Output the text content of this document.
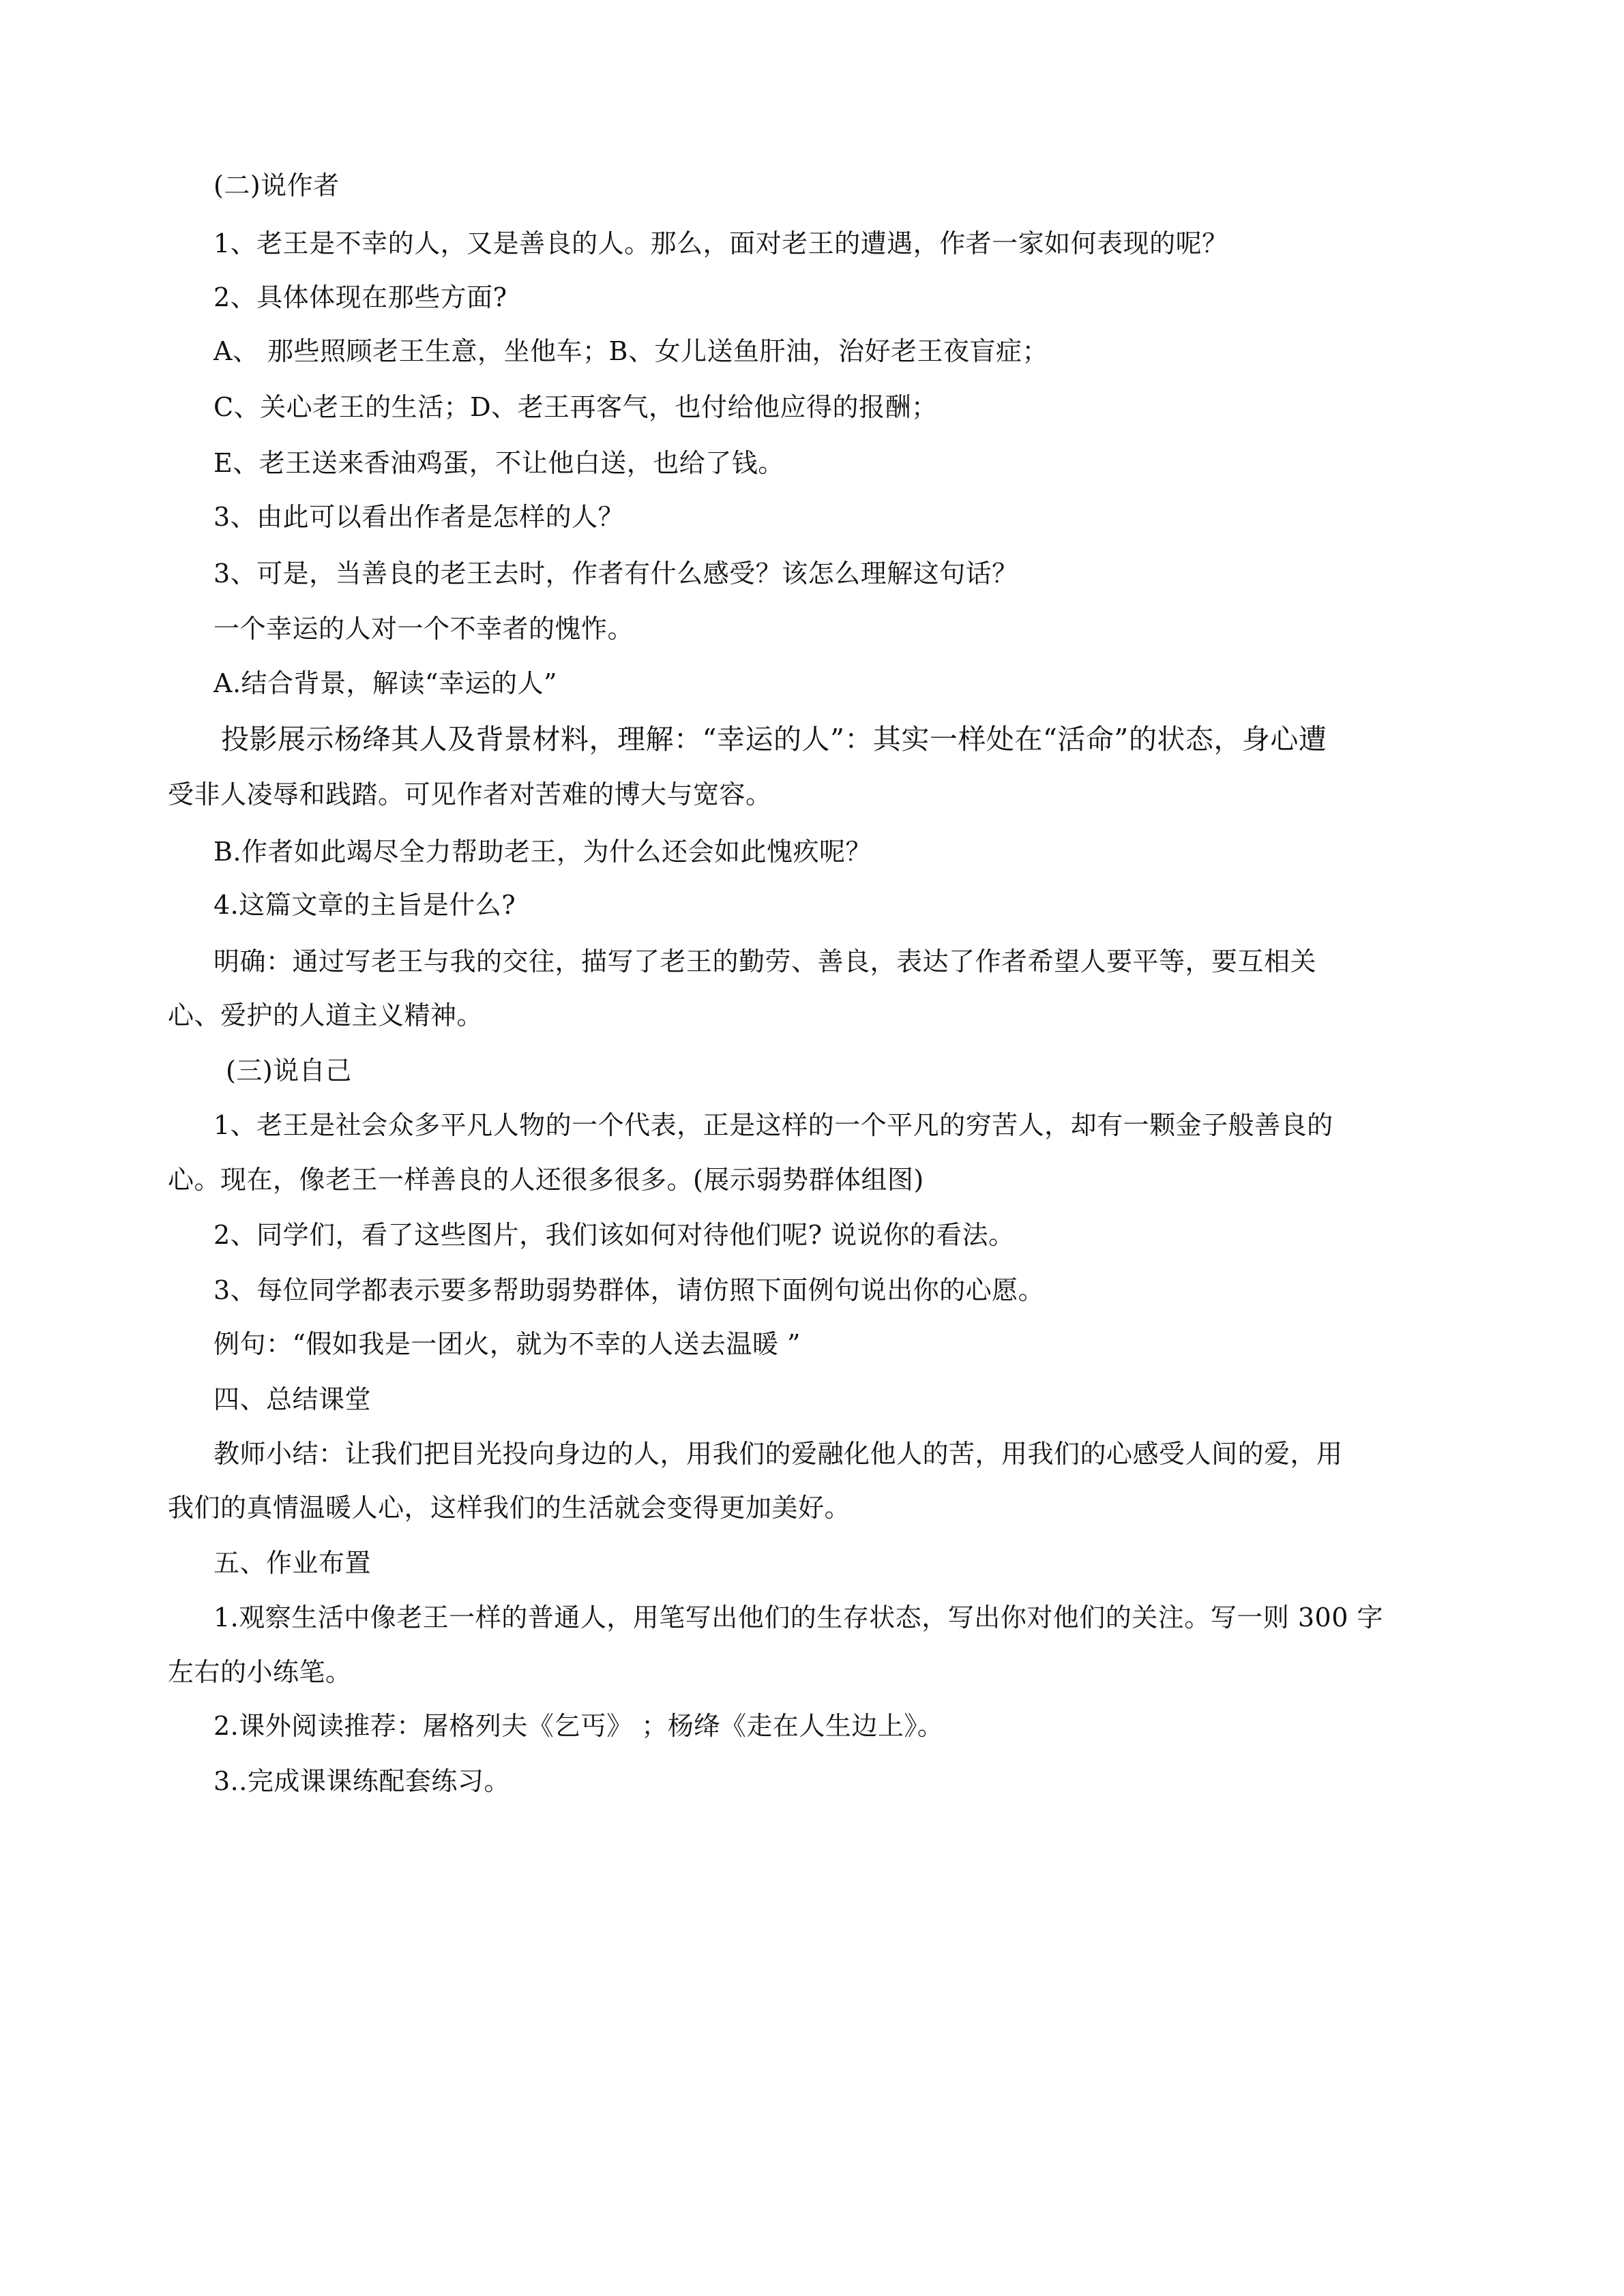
(二)说作者
1、老王是不幸的人，又是善良的人。那么，面对老王的遭遇，作者一家如何表现的呢？
2、具体体现在那些方面?
A、 那些照顾老王生意，坐他车；B、女儿送鱼肝油，治好老王夜盲症；
C、关心老王的生活；D、老王再客气，也付给他应得的报酬；
E、老王送来香油鸡蛋，不让他白送，也给了钱。
3、由此可以看出作者是怎样的人？
3、可是，当善良的老王去时，作者有什么感受？该怎么理解这句话？
一个幸运的人对一个不幸者的愧怍。
A.结合背景，解读“幸运的人”
投影展示杨绛其人及背景材料，理解：“幸运的人”：其实一样处在“活命”的状态，身心遭
受非人凌辱和践踏。可见作者对苦难的博大与宽容。
B.作者如此竭尽全力帮助老王，为什么还会如此愧疚呢？
4.这篇文章的主旨是什么?
明确：通过写老王与我的交往，描写了老王的勤劳、善良，表达了作者希望人要平等，要互相关
心、爱护的人道主义精神。
(三)说自己
1、老王是社会众多平凡人物的一个代表，正是这样的一个平凡的穷苦人，却有一颗金子般善良的
心。现在，像老王一样善良的人还很多很多。(展示弱势群体组图)
2、同学们，看了这些图片，我们该如何对待他们呢? 说说你的看法。
3、每位同学都表示要多帮助弱势群体，请仿照下面例句说出你的心愿。
例句：“假如我是一团火，就为不幸的人送去温暖 ”
四、总结课堂
教师小结：让我们把目光投向身边的人，用我们的爱融化他人的苦，用我们的心感受人间的爱，用
我们的真情温暖人心，这样我们的生活就会变得更加美好。
五、作业布置
1.观察生活中像老王一样的普通人，用笔写出他们的生存状态，写出你对他们的关注。写一则 300 字
左右的小练笔。
2.课外阅读推荐：屠格列夫《乞丐》 ；杨绛《走在人生边上》。
3..完成课课练配套练习。
